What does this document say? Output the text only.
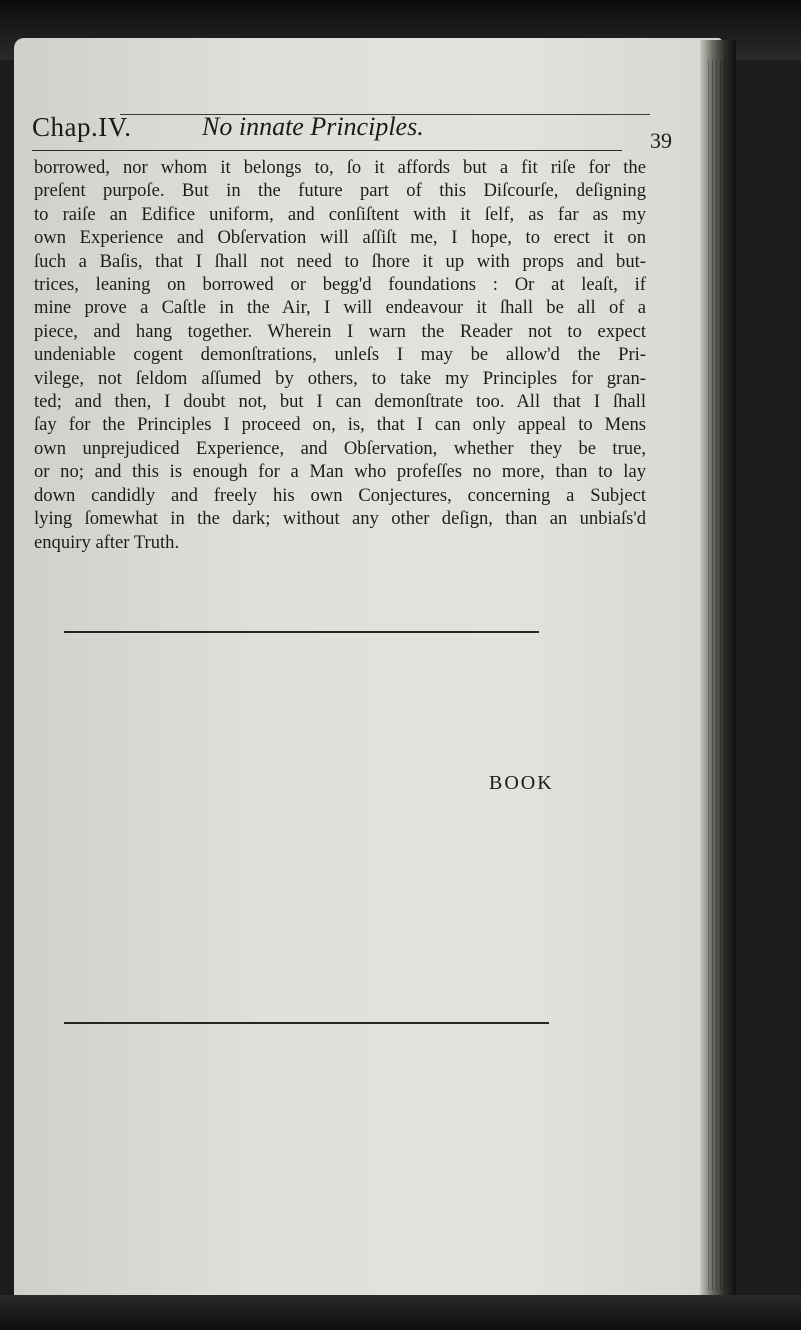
Chap.IV.	No innate Principles.	39
borrowed, nor whom it belongs to, ſo it affords but a fit riſe for the
preſent purpoſe. But in the future part of this Diſcourſe, deſigning
to raiſe an Edifice uniform, and conſiſtent with it ſelf, as far as my
own Experience and Obſervation will aſſiſt me, I hope, to erect it on
ſuch a Baſis, that I ſhall not need to ſhore it up with props and but-
trices, leaning on borrowed or begg'd foundations : Or at leaſt, if
mine prove a Caſtle in the Air, I will endeavour it ſhall be all of a
piece, and hang together. Wherein I warn the Reader not to expect
undeniable cogent demonſtrations, unleſs I may be allow'd the Pri-
vilege, not ſeldom aſſumed by others, to take my Principles for gran-
ted; and then, I doubt not, but I can demonſtrate too. All that I ſhall
ſay for the Principles I proceed on, is, that I can only appeal to Mens
own unprejudiced Experience, and Obſervation, whether they be true,
or no; and this is enough for a Man who profeſſes no more, than to lay
down candidly and freely his own Conjectures, concerning a Subject
lying ſomewhat in the dark; without any other deſign, than an unbiaſs'd
enquiry after Truth.
BOOK
